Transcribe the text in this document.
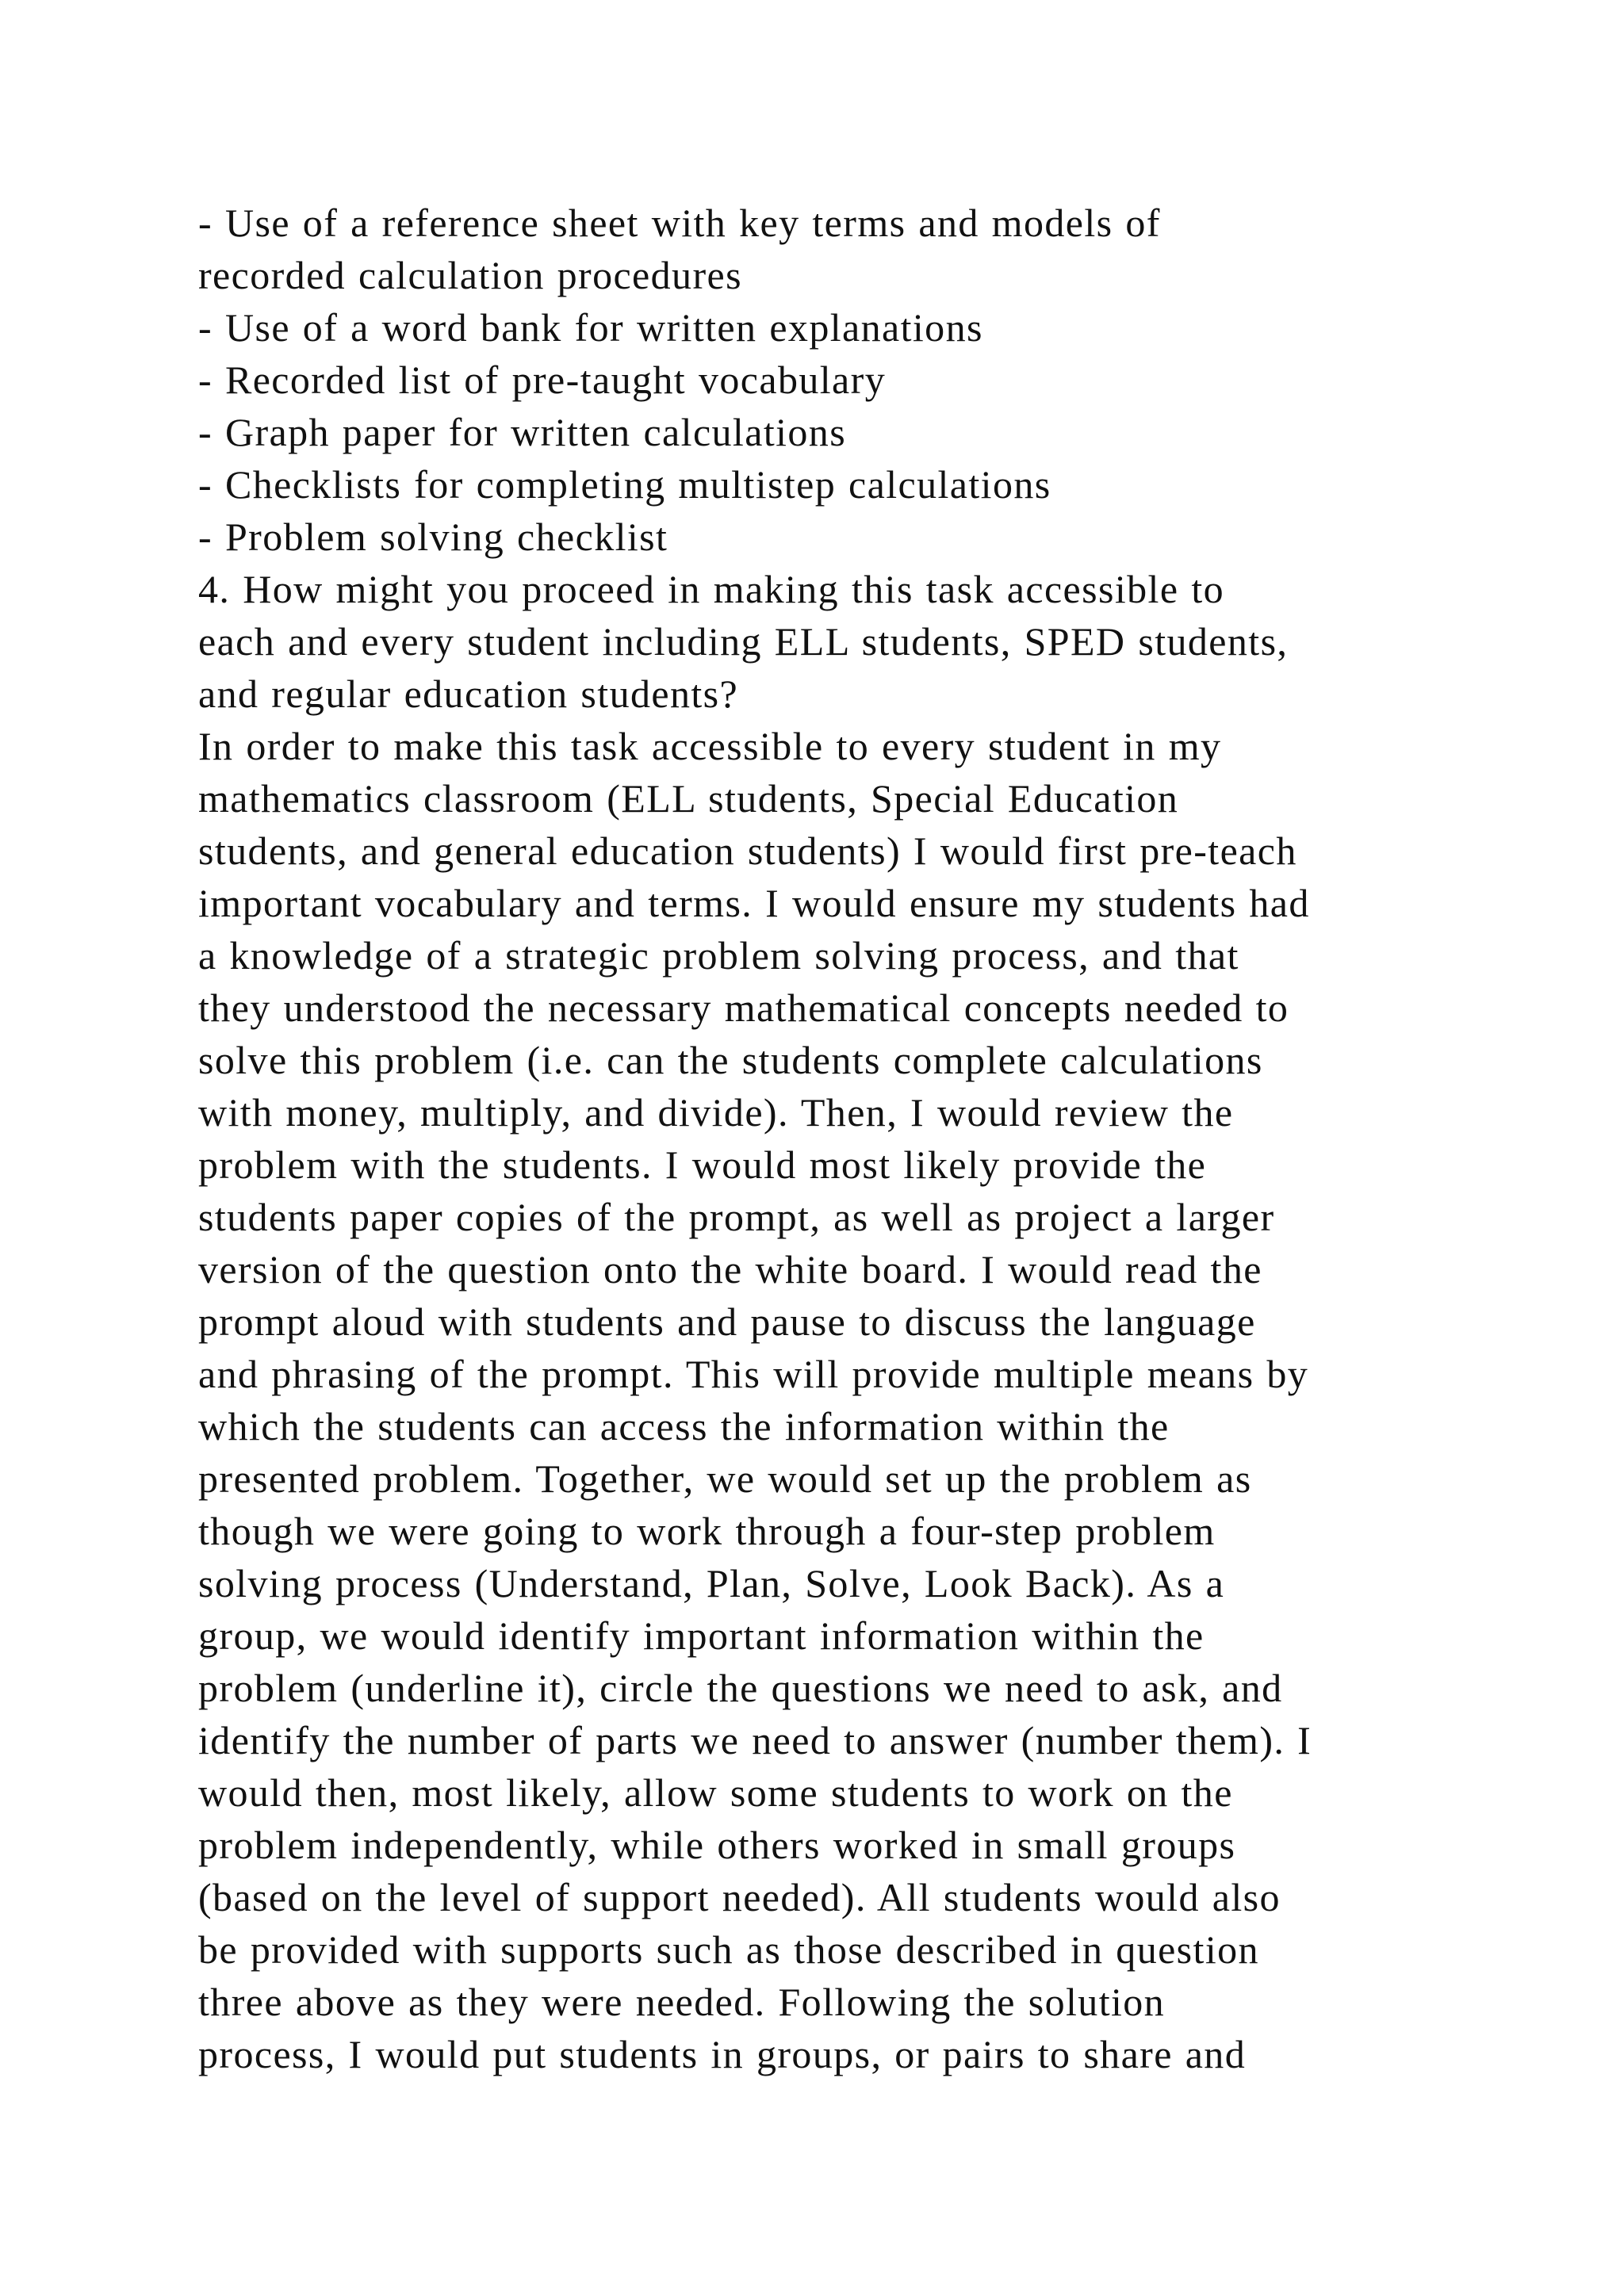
- Use of a reference sheet with key terms and models of
recorded calculation procedures
- Use of a word bank for written explanations
- Recorded list of pre-taught vocabulary
- Graph paper for written calculations
- Checklists for completing multistep calculations
- Problem solving checklist
4. How might you proceed in making this task accessible to
each and every student including ELL students, SPED students,
and regular education students?
In order to make this task accessible to every student in my
mathematics classroom (ELL students, Special Education
students, and general education students) I would first pre-teach
important vocabulary and terms. I would ensure my students had
a knowledge of a strategic problem solving process, and that
they understood the necessary mathematical concepts needed to
solve this problem (i.e. can the students complete calculations
with money, multiply, and divide). Then, I would review the
problem with the students. I would most likely provide the
students paper copies of the prompt, as well as project a larger
version of the question onto the white board. I would read the
prompt aloud with students and pause to discuss the language
and phrasing of the prompt. This will provide multiple means by
which the students can access the information within the
presented problem. Together, we would set up the problem as
though we were going to work through a four-step problem
solving process (Understand, Plan, Solve, Look Back). As a
group, we would identify important information within the
problem (underline it), circle the questions we need to ask, and
identify the number of parts we need to answer (number them). I
would then, most likely, allow some students to work on the
problem independently, while others worked in small groups
(based on the level of support needed). All students would also
be provided with supports such as those described in question
three above as they were needed. Following the solution
process, I would put students in groups, or pairs to share and
